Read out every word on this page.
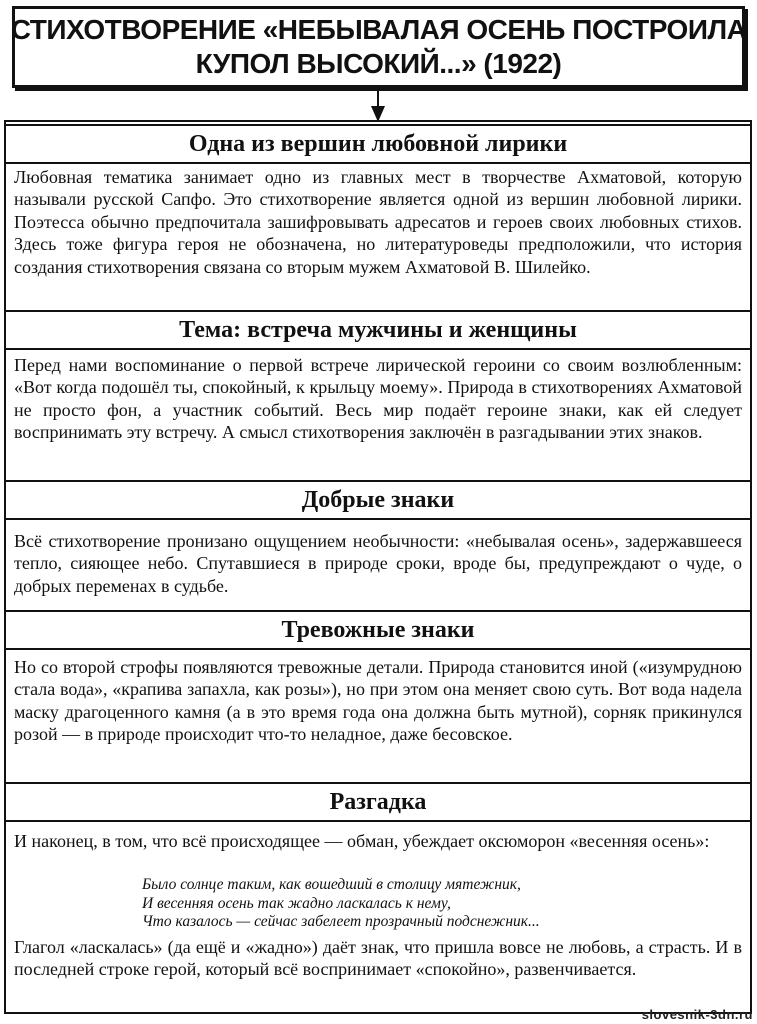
СТИХОТВОРЕНИЕ «НЕБЫВАЛАЯ ОСЕНЬ ПОСТРОИЛА
КУПОЛ ВЫСОКИЙ...» (1922)
Одна из вершин любовной лирики

Любовная тематика занимает одно из главных мест в творчестве Ахматовой, которую называли русской Сапфо. Это стихотворение является одной из вершин любовной лирики. Поэтесса обычно предпочитала зашифровывать адресатов и героев своих любовных стихов. Здесь тоже фигура героя не обозначена, но литературоведы предположили, что история создания стихотворения связана со вторым мужем Ахматовой В. Шилейко.

Тема: встреча мужчины и женщины

Перед нами воспоминание о первой встрече лирической героини со своим возлюбленным: «Вот когда подошёл ты, спокойный, к крыльцу моему». Природа в стихотворениях Ахматовой не просто фон, а участник событий. Весь мир подаёт героине знаки, как ей следует воспринимать эту встречу. А смысл стихотворения заключён в разгадывании этих знаков.

Добрые знаки

Всё стихотворение пронизано ощущением необычности: «небывалая осень», задержавшееся тепло, сияющее небо. Спутавшиеся в природе сроки, вроде бы, предупреждают о чуде, о добрых переменах в судьбе.

Тревожные знаки

Но со второй строфы появляются тревожные детали. Природа становится иной («изумрудною стала вода», «крапива запахла, как розы»), но при этом она меняет свою суть. Вот вода надела маску драгоценного камня (а в это время года она должна быть мутной), сорняк прикинулся розой — в природе происходит что-то неладное, даже бесовское.

Разгадка

И наконец, в том, что всё происходящее — обман, убеждает оксюморон «весенняя осень»:

Было солнце таким, как вошедший в столицу мятежник,
И весенняя осень так жадно ласкалась к нему,
Что казалось — сейчас забелеет прозрачный подснежник...

Глагол «ласкалась» (да ещё и «жадно») даёт знак, что пришла вовсе не любовь, а страсть. И в последней строке герой, который всё воспринимает «спокойно», развенчивается.

slovesnik-3dn.ru
